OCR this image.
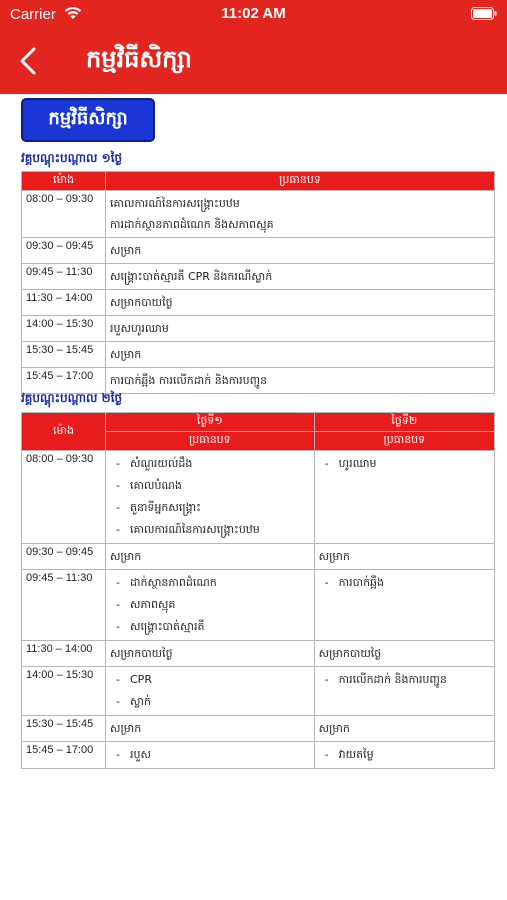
Carrier	11:02 AM
កម្មវិធីសិក្សា
កម្មវិធីសិក្សា
វគ្គបណ្ដុះបណ្ដាល ១ថ្ងៃ
ម៉ោង	ប្រធានបទ
08:00 – 09:30	គោលការណ៍នៃការសង្គ្រោះបឋម
ការដាក់ស្ថានភាពដំណេក និងសភាពស្មុគ

09:30 – 09:45	សម្រាក

09:45 – 11:30	សង្គ្រោះបាត់ស្មារតី CPR និងករណីស្លាក់

11:30 – 14:00	សម្រាកបាយថ្ងៃ

14:00 – 15:30	របួសហូរឈាម

15:30 – 15:45	សម្រាក

15:45 – 17:00	ការបាក់ឆ្អឹង ការលើកដាក់ និងការបញ្ជូន
វគ្គបណ្ដុះបណ្ដាល ២ថ្ងៃ
ម៉ោង	ថ្ងៃទី១	ថ្ងៃទី២
	ប្រធានបទ	ប្រធានបទ
08:00 – 09:30	- សំណួរយល់ដឹង
- គោលបំណង
- តួនាទីអ្នកសង្គ្រោះ
- គោលការណ៍នៃការសង្គ្រោះបឋម	- ហូរឈាម

09:30 – 09:45	សម្រាក	សម្រាក

09:45 – 11:30	- ដាក់ស្ថានភាពដំណេក
- សភាពស្មុគ
- សង្គ្រោះបាត់ស្មារតី	- ការបាក់ឆ្អឹង

11:30 – 14:00	សម្រាកបាយថ្ងៃ	សម្រាកបាយថ្ងៃ

14:00 – 15:30	- CPR
- ស្លាក់	- ការលើកដាក់ និងការបញ្ជូន

15:30 – 15:45	សម្រាក	សម្រាក

15:45 – 17:00	- របួស	- វាយតម្លៃ
